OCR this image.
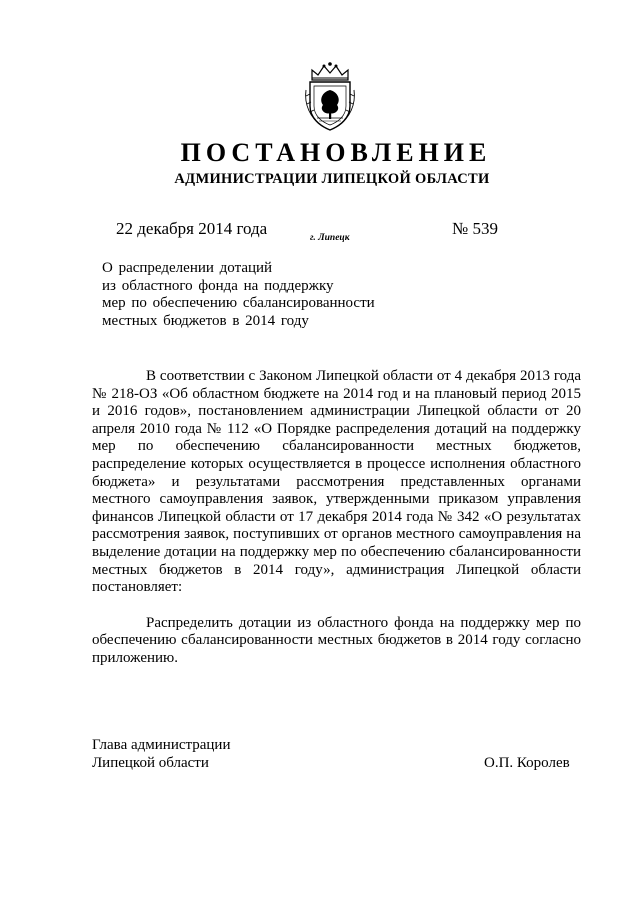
ПОСТАНОВЛЕНИЕ
АДМИНИСТРАЦИИ ЛИПЕЦКОЙ ОБЛАСТИ
22 декабря 2014 года	г. Липецк	№ 539
О распределении дотаций
из областного фонда на поддержку
мер по обеспечению сбалансированности
местных бюджетов в 2014 году

В соответствии с Законом Липецкой области от 4 декабря 2013 года № 218-ОЗ «Об областном бюджете на 2014 год и на плановый период 2015 и 2016 годов», постановлением администрации Липецкой области от 20 апреля 2010 года № 112 «О Порядке распределения дотаций на поддержку мер по обеспечению сбалансированности местных бюджетов, распределение которых осуществляется в процессе исполнения областного бюджета» и результатами рассмотрения представленных органами местного самоуправления заявок, утвержденными приказом управления финансов Липецкой области от 17 декабря 2014 года № 342 «О результатах рассмотрения заявок, поступивших от органов местного самоуправления на выделение дотации на поддержку мер по обеспечению сбалансированности местных бюджетов в 2014 году», администрация Липецкой области постановляет:

Распределить дотации из областного фонда на поддержку мер по обеспечению сбалансированности местных бюджетов в 2014 году согласно приложению.

Глава администрации
Липецкой области	О.П. Королев
